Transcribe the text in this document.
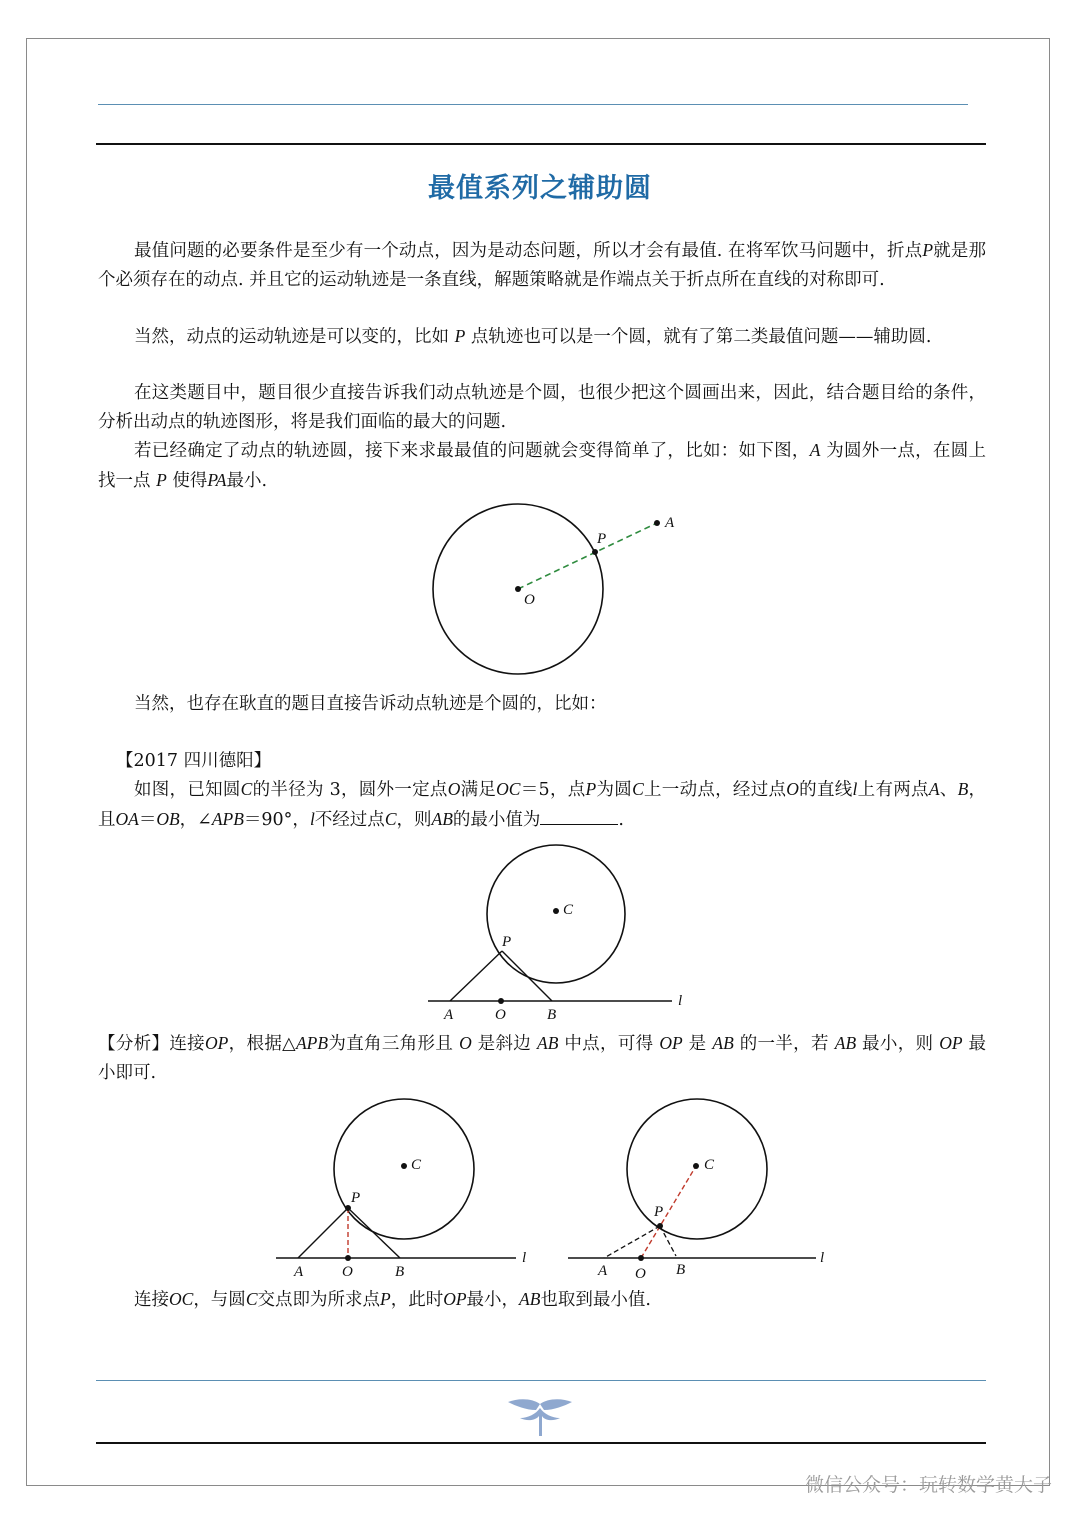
最值系列之辅助圆
最值问题的必要条件是至少有一个动点，因为是动态问题，所以才会有最值. 在将军饮马问题中，折点P就是那个必须存在的动点. 并且它的运动轨迹是一条直线，解题策略就是作端点关于折点所在直线的对称即可.
当然，动点的运动轨迹是可以变的，比如 P 点轨迹也可以是一个圆，就有了第二类最值问题——辅助圆.
在这类题目中，题目很少直接告诉我们动点轨迹是个圆，也很少把这个圆画出来，因此，结合题目给的条件，分析出动点的轨迹图形，将是我们面临的最大的问题.
若已经确定了动点的轨迹圆，接下来求最最值的问题就会变得简单了，比如：如下图，A 为圆外一点，在圆上找一点 P 使得PA最小.
O
P
A
当然，也存在耿直的题目直接告诉动点轨迹是个圆的，比如：
【2017 四川德阳】
如图，已知圆C的半径为 3，圆外一定点O满足OC＝5，点P为圆C上一动点，经过点O的直线l上有两点A、B，且OA＝OB，∠APB＝90°，l不经过点C，则AB的最小值为	.
C
P
A	O	B
l
【分析】连接OP，根据△APB为直角三角形且 O 是斜边 AB 中点，可得 OP 是 AB 的一半，若 AB 最小，则 OP 最小即可.
C
P
A	O	B
l
C
P
A O B
l
连接OC，与圆C交点即为所求点P，此时OP最小，AB也取到最小值.
微信公众号：玩转数学黄大子
